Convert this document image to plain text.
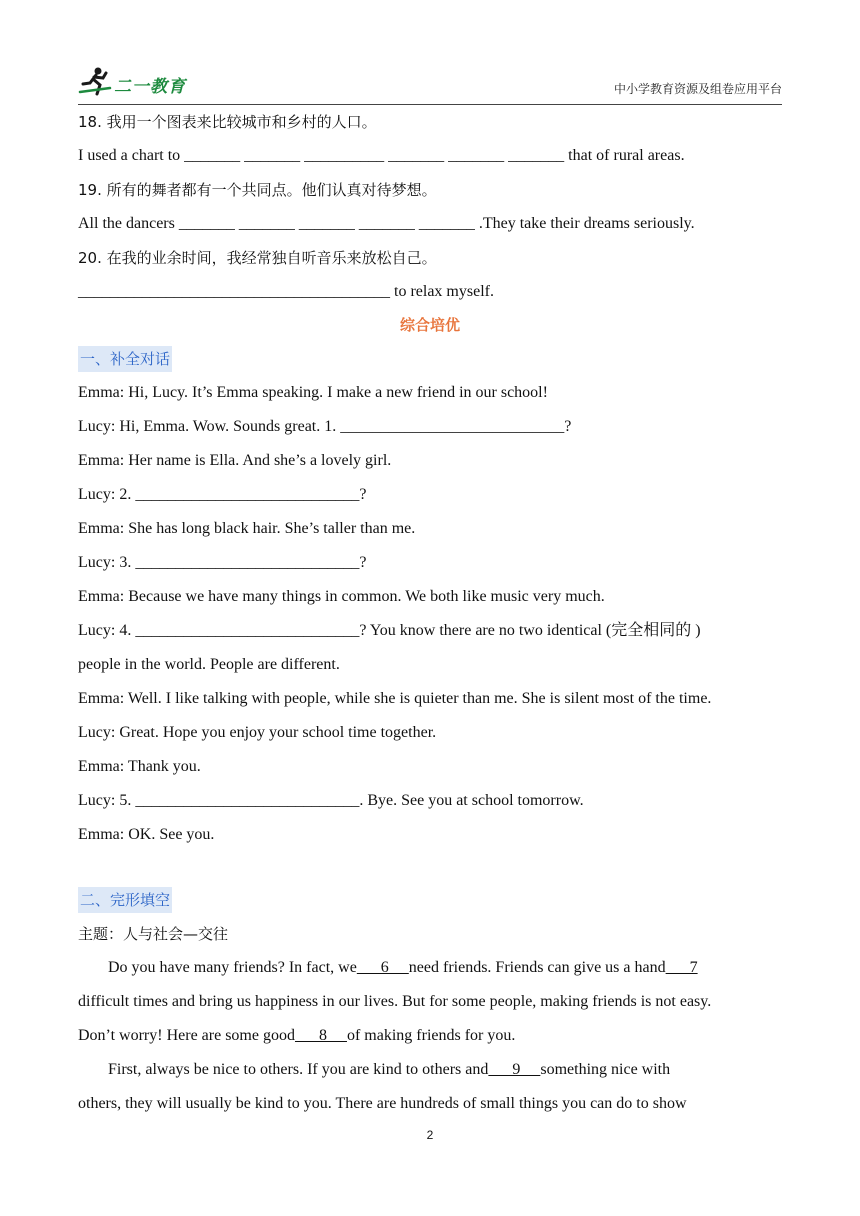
二一教育	中小学教育资源及组卷应用平台
18. 我用一个图表来比较城市和乡村的人口。
I used a chart to _______ _______ __________ _______ _______ _______ that of rural areas.
19. 所有的舞者都有一个共同点。他们认真对待梦想。
All the dancers _______ _______ _______ _______ _______ .They take their dreams seriously.
20. 在我的业余时间，我经常独自听音乐来放松自己。
_______________________________________ to relax myself.
综合培优
一、补全对话
Emma: Hi, Lucy. It’s Emma speaking. I make a new friend in our school!
Lucy: Hi, Emma. Wow. Sounds great. 1. ____________________________?
Emma: Her name is Ella. And she’s a lovely girl.
Lucy: 2. ____________________________?
Emma: She has long black hair. She’s taller than me.
Lucy: 3. ____________________________?
Emma: Because we have many things in common. We both like music very much.
Lucy: 4. ____________________________? You know there are no two identical (完全相同的 )
people in the world. People are different.
Emma: Well. I like talking with people, while she is quieter than me. She is silent most of the time.
Lucy: Great. Hope you enjoy your school time together.
Emma: Thank you.
Lucy: 5. ____________________________. Bye. See you at school tomorrow.
Emma: OK. See you.
二、完形填空
主题：人与社会—交往
Do you have many friends? In fact, we      6     need friends. Friends can give us a hand      7
difficult times and bring us happiness in our lives. But for some people, making friends is not easy.
Don’t worry! Here are some good      8     of making friends for you.
First, always be nice to others. If you are kind to others and      9     something nice with
others, they will usually be kind to you. There are hundreds of small things you can do to show
2
